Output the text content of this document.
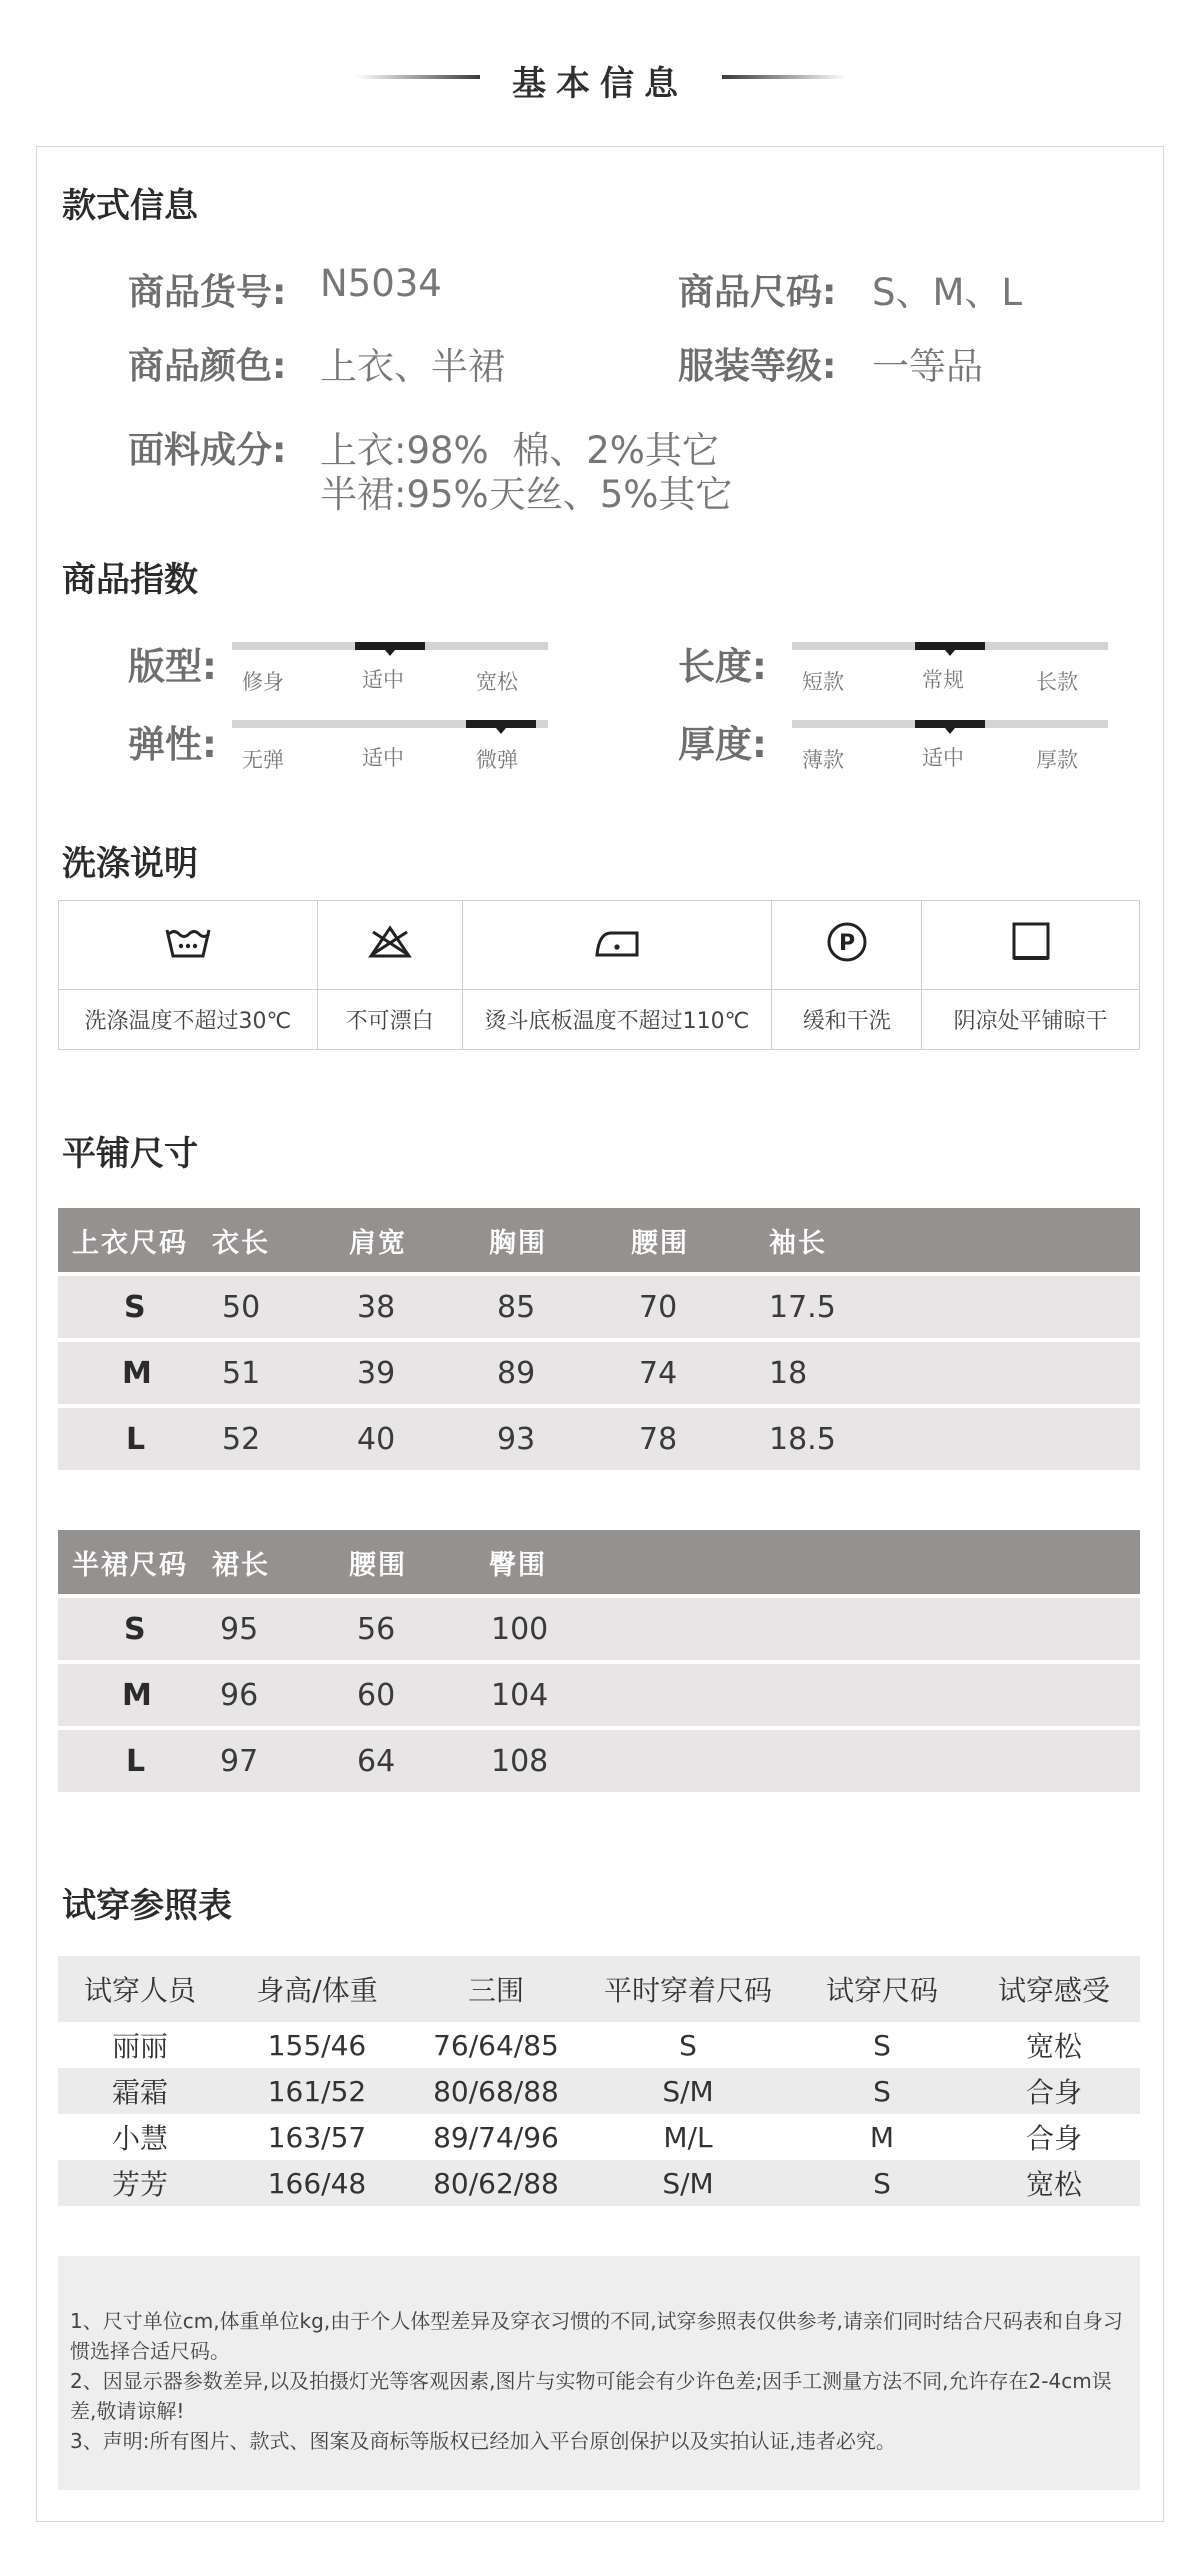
基本信息
款式信息
商品货号: N5034	商品尺码: S、M、L
商品颜色: 上衣、半裙	服装等级: 一等品
面料成分: 上衣:98%  棉、2%其它
半裙:95%天丝、5%其它
商品指数
版型: 修身	适中	宽松	长度: 短款	常规	长款
弹性: 无弹	适中	微弹	厚度: 薄款	适中	厚款
洗涤说明

P

洗涤温度不超过30℃	不可漂白	烫斗底板温度不超过110℃	缓和干洗	阴凉处平铺晾干
平铺尺寸
上衣尺码	衣长	肩宽	胸围	腰围	袖长
S	50	38	85	70	17.5
M	51	39	89	74	18
L	52	40	93	78	18.5
半裙尺码	裙长	腰围	臀围
S	95	56	100
M	96	60	104
L	97	64	108
试穿参照表
试穿人员	身高/体重	三围	平时穿着尺码	试穿尺码	试穿感受
丽丽	155/46	76/64/85	S	S	宽松
霜霜	161/52	80/68/88	S/M	S	合身
小慧	163/57	89/74/96	M/L	M	合身
芳芳	166/48	80/62/88	S/M	S	宽松

1、尺寸单位cm,体重单位kg,由于个人体型差异及穿衣习惯的不同,试穿参照表仅供参考,请亲们同时结合尺码表和自身习惯选择合适尺码。

2、因显示器参数差异,以及拍摄灯光等客观因素,图片与实物可能会有少许色差;因手工测量方法不同,允许存在2-4cm误差,敬请谅解!

3、声明:所有图片、款式、图案及商标等版权已经加入平台原创保护以及实拍认证,违者必究。
